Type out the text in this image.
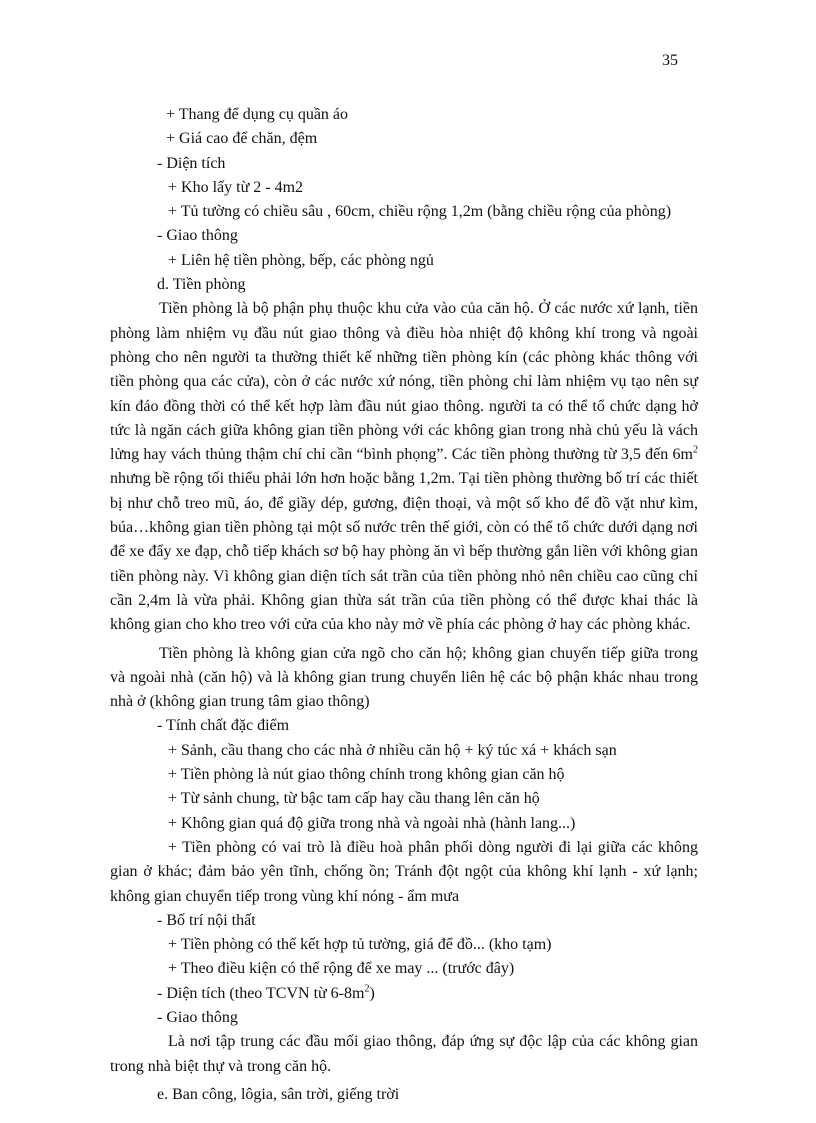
35
+ Thang để dụng cụ quần áo
+ Giá cao để chăn, đệm
- Diện tích
+ Kho lấy từ 2 - 4m2
+ Tủ tường có chiều sâu , 60cm, chiều rộng 1,2m (bằng chiều rộng của phòng)
- Giao thông
+ Liên hệ tiền phòng, bếp, các phòng ngủ
d. Tiền phòng
Tiền phòng là bộ phận phụ thuộc khu cửa vào của căn hộ. Ở các nước xứ lạnh, tiền phòng làm nhiệm vụ đầu nút giao thông và điều hòa nhiệt độ không khí trong và ngoài phòng cho nên người ta thường thiết kế những tiền phòng kín (các phòng khác thông với tiền phòng qua các cửa), còn ở các nước xứ nóng, tiền phòng chỉ làm nhiệm vụ tạo nên sự kín đáo đồng thời có thể kết hợp làm đầu nút giao thông. người ta có thể tổ chức dạng hở tức là ngăn cách giữa không gian tiền phòng với các không gian trong nhà chủ yếu là vách lửng hay vách thủng thậm chí chỉ cần “bình phọng”. Các tiền phòng thường từ 3,5 đến $6m^2$ nhưng bề rộng tối thiểu phải lớn hơn hoặc bằng 1,2m. Tại tiền phòng thường bố trí các thiết bị như chỗ treo mũ, áo, để giầy dép, gương, điện thoại, và một số kho để đồ vặt như kìm, búa…không gian tiền phòng tại một số nước trên thế giới, còn có thể tổ chức dưới dạng nơi để xe đẩy xe đạp, chỗ tiếp khách sơ bộ hay phòng ăn vì bếp thường gắn liền với không gian tiền phòng này. Vì không gian diện tích sát trần của tiền phòng nhỏ nên chiều cao cũng chỉ cần 2,4m là vừa phải. Không gian thừa sát trần của tiền phòng có thể được khai thác là không gian cho kho treo với cửa của kho này mở về phía các phòng ở hay các phòng khác.
Tiền phòng là không gian cửa ngõ cho căn hộ; không gian chuyển tiếp giữa trong và ngoài nhà (căn hộ) và là không gian trung chuyển liên hệ các bộ phận khác nhau trong nhà ở (không gian trung tâm giao thông)
- Tính chất đặc điểm
+ Sảnh, cầu thang cho các nhà ở nhiều căn hộ + ký túc xá + khách sạn
+ Tiền phòng là nút giao thông chính trong không gian căn hộ
+ Từ sảnh chung, từ bậc tam cấp hay cầu thang lên căn hộ
+ Không gian quá độ giữa trong nhà và ngoài nhà (hành lang...)
+ Tiền phòng có vai trò là điều hoà phân phối dòng người đi lại giữa các không gian ở khác; đảm bảo yên tĩnh, chống ồn; Tránh đột ngột của không khí lạnh - xứ lạnh; không gian chuyển tiếp trong vùng khí nóng - ẩm mưa
- Bố trí nội thất
+ Tiền phòng có thể kết hợp tủ tường, giá để đồ... (kho tạm)
+ Theo điều kiện có thể rộng để xe may ... (trước đây)
- Diện tích (theo TCVN từ $6-8m^2$)
- Giao thông
Là nơi tập trung các đầu mối giao thông, đáp ứng sự độc lập của các không gian trong nhà biệt thự và trong căn hộ.
e. Ban công, lôgia, sân trời, giếng trời
